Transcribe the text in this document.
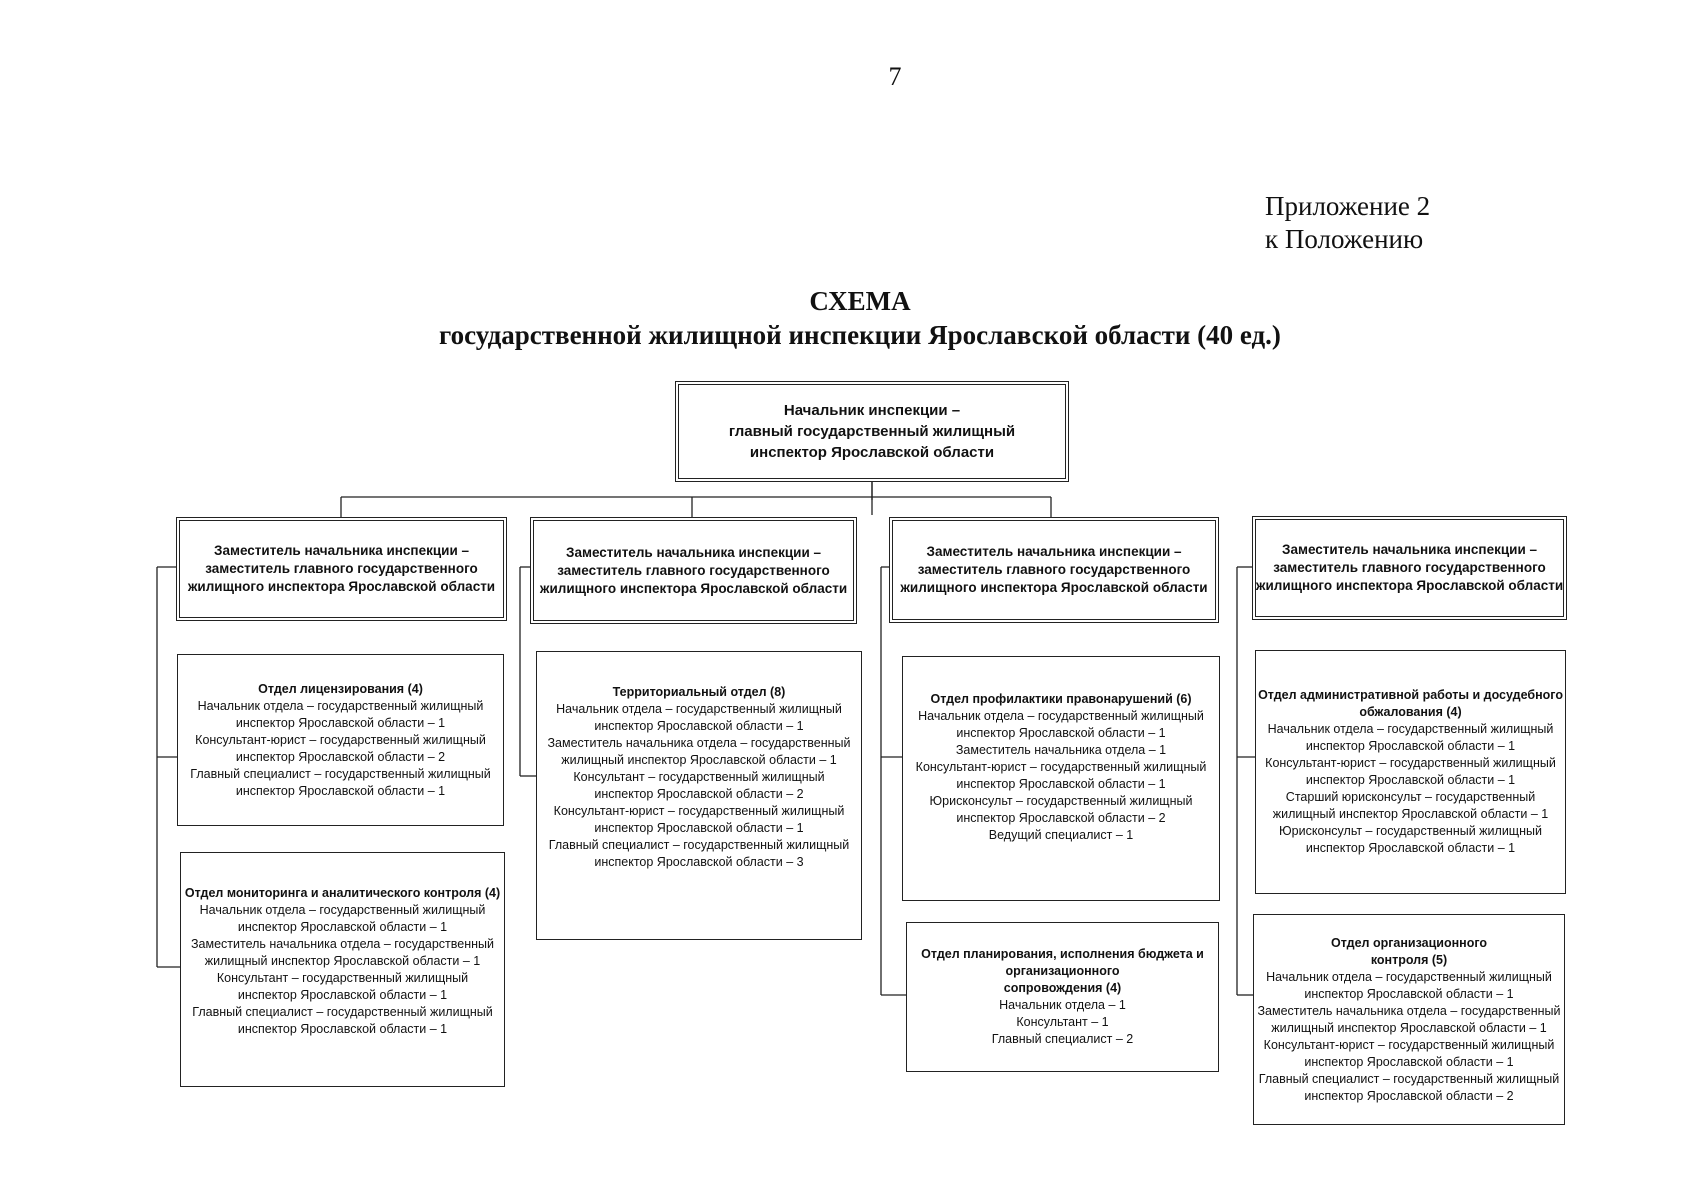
7
Приложение 2
к Положению
СХЕМА
государственной жилищной инспекции Ярославской области (40 ед.)
Начальник инспекции –
главный государственный жилищный
инспектор Ярославской области
Заместитель начальника инспекции –
заместитель главного государственного
жилищного инспектора Ярославской области
Заместитель начальника инспекции –
заместитель главного государственного
жилищного инспектора Ярославской области
Заместитель начальника инспекции –
заместитель главного государственного
жилищного инспектора Ярославской области
Заместитель начальника инспекции –
заместитель главного государственного
жилищного инспектора Ярославской области
Отдел лицензирования (4)
Начальник отдела – государственный жилищный
инспектор Ярославской области – 1
Консультант-юрист – государственный жилищный
инспектор Ярославской области – 2
Главный специалист – государственный жилищный
инспектор Ярославской области – 1
Отдел мониторинга и аналитического контроля (4)
Начальник отдела – государственный жилищный
инспектор Ярославской области – 1
Заместитель начальника отдела – государственный
жилищный инспектор Ярославской области – 1
Консультант – государственный жилищный
инспектор Ярославской области – 1
Главный специалист – государственный жилищный
инспектор Ярославской области – 1
Территориальный отдел (8)
Начальник отдела – государственный жилищный
инспектор Ярославской области – 1
Заместитель начальника отдела – государственный
жилищный инспектор Ярославской области – 1
Консультант – государственный жилищный
инспектор Ярославской области – 2
Консультант-юрист – государственный жилищный
инспектор Ярославской области – 1
Главный специалист – государственный жилищный
инспектор Ярославской области – 3
Отдел профилактики правонарушений (6)
Начальник отдела – государственный жилищный
инспектор Ярославской области – 1
Заместитель начальника отдела – 1
Консультант-юрист – государственный жилищный
инспектор Ярославской области – 1
Юрисконсульт – государственный жилищный
инспектор Ярославской области – 2
Ведущий специалист – 1
Отдел планирования, исполнения бюджета и
организационного
сопровождения (4)
Начальник отдела – 1
Консультант – 1
Главный специалист – 2
Отдел административной работы и досудебного
обжалования (4)
Начальник отдела – государственный жилищный
инспектор Ярославской области – 1
Консультант-юрист – государственный жилищный
инспектор Ярославской области – 1
Старший юрисконсульт – государственный
жилищный инспектор Ярославской области – 1
Юрисконсульт – государственный жилищный
инспектор Ярославской области – 1
Отдел организационного
контроля (5)
Начальник отдела – государственный жилищный
инспектор Ярославской области – 1
Заместитель начальника отдела – государственный
жилищный инспектор Ярославской области – 1
Консультант-юрист – государственный жилищный
инспектор Ярославской области – 1
Главный специалист – государственный жилищный
инспектор Ярославской области – 2
